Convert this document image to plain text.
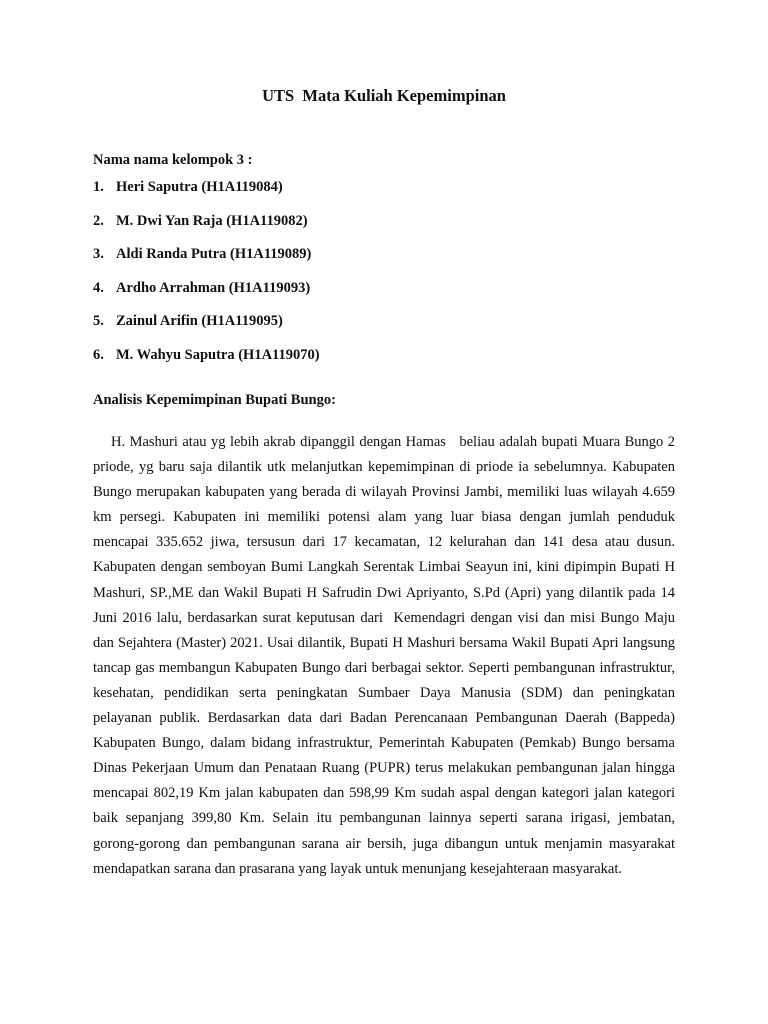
UTS  Mata Kuliah Kepemimpinan
Nama nama kelompok 3 :
1. Heri Saputra (H1A119084)
2. M. Dwi Yan Raja (H1A119082)
3. Aldi Randa Putra (H1A119089)
4. Ardho Arrahman (H1A119093)
5. Zainul Arifin (H1A119095)
6. M. Wahyu Saputra (H1A119070)
Analisis Kepemimpinan Bupati Bungo:

H. Mashuri atau yg lebih akrab dipanggil dengan Hamas   beliau adalah bupati Muara Bungo 2 priode, yg baru saja dilantik utk melanjutkan kepemimpinan di priode ia sebelumnya. Kabupaten Bungo merupakan kabupaten yang berada di wilayah Provinsi Jambi, memiliki luas wilayah 4.659 km persegi. Kabupaten ini memiliki potensi alam yang luar biasa dengan jumlah penduduk mencapai 335.652 jiwa, tersusun dari 17 kecamatan, 12 kelurahan dan 141 desa atau dusun. Kabupaten dengan semboyan Bumi Langkah Serentak Limbai Seayun ini, kini dipimpin Bupati H Mashuri, SP.,ME dan Wakil Bupati H Safrudin Dwi Apriyanto, S.Pd (Apri) yang dilantik pada 14 Juni 2016 lalu, berdasarkan surat keputusan dari  Kemendagri dengan visi dan misi Bungo Maju dan Sejahtera (Master) 2021. Usai dilantik, Bupati H Mashuri bersama Wakil Bupati Apri langsung tancap gas membangun Kabupaten Bungo dari berbagai sektor. Seperti pembangunan infrastruktur, kesehatan, pendidikan serta peningkatan Sumbaer Daya Manusia (SDM) dan peningkatan pelayanan publik. Berdasarkan data dari Badan Perencanaan Pembangunan Daerah (Bappeda) Kabupaten Bungo, dalam bidang infrastruktur, Pemerintah Kabupaten (Pemkab) Bungo bersama Dinas Pekerjaan Umum dan Penataan Ruang (PUPR) terus melakukan pembangunan jalan hingga mencapai 802,19 Km jalan kabupaten dan 598,99 Km sudah aspal dengan kategori jalan kategori baik sepanjang 399,80 Km. Selain itu pembangunan lainnya seperti sarana irigasi, jembatan, gorong-gorong dan pembangunan sarana air bersih, juga dibangun untuk menjamin masyarakat mendapatkan sarana dan prasarana yang layak untuk menunjang kesejahteraan masyarakat.
